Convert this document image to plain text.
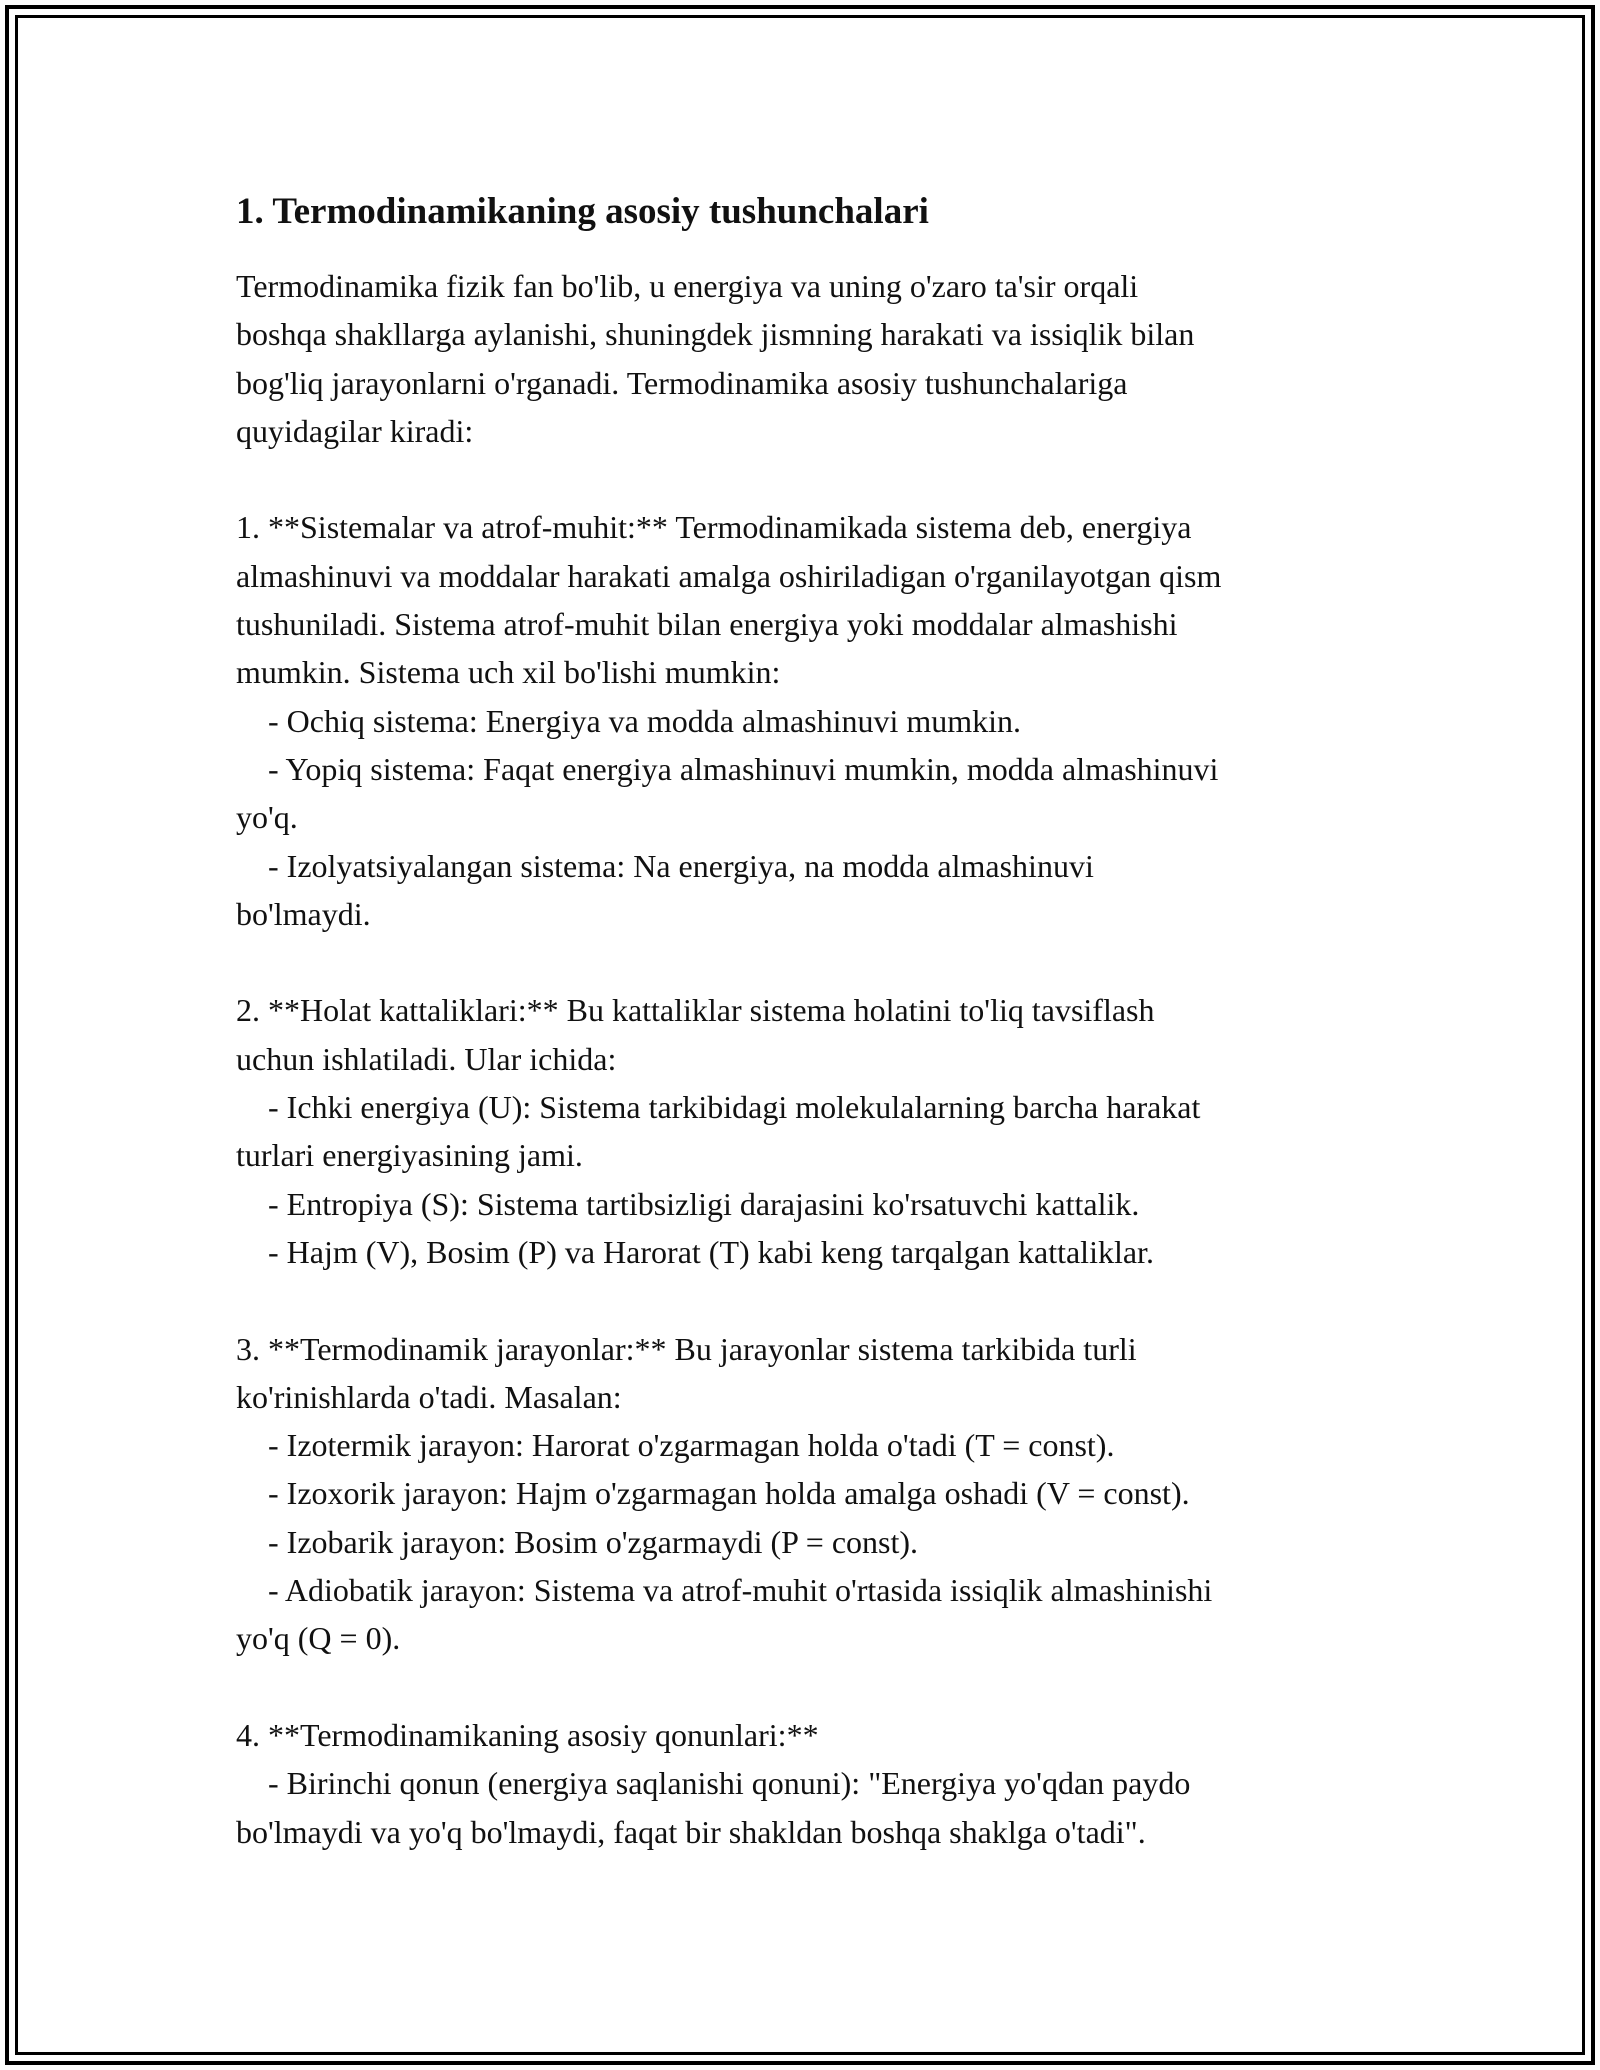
1. Termodinamikaning asosiy tushunchalari

Termodinamika fizik fan bo'lib, u energiya va uning o'zaro ta'sir orqali
boshqa shakllarga aylanishi, shuningdek jismning harakati va issiqlik bilan
bog'liq jarayonlarni o'rganadi. Termodinamika asosiy tushunchalariga
quyidagilar kiradi:

1. **Sistemalar va atrof-muhit:** Termodinamikada sistema deb, energiya
almashinuvi va moddalar harakati amalga oshiriladigan o'rganilayotgan qism
tushuniladi. Sistema atrof-muhit bilan energiya yoki moddalar almashishi
mumkin. Sistema uch xil bo'lishi mumkin:
- Ochiq sistema: Energiya va modda almashinuvi mumkin.
- Yopiq sistema: Faqat energiya almashinuvi mumkin, modda almashinuvi
yo'q.
- Izolyatsiyalangan sistema: Na energiya, na modda almashinuvi
bo'lmaydi.

2. **Holat kattaliklari:** Bu kattaliklar sistema holatini to'liq tavsiflash
uchun ishlatiladi. Ular ichida:
- Ichki energiya (U): Sistema tarkibidagi molekulalarning barcha harakat
turlari energiyasining jami.
- Entropiya (S): Sistema tartibsizligi darajasini ko'rsatuvchi kattalik.
- Hajm (V), Bosim (P) va Harorat (T) kabi keng tarqalgan kattaliklar.

3. **Termodinamik jarayonlar:** Bu jarayonlar sistema tarkibida turli
ko'rinishlarda o'tadi. Masalan:
- Izotermik jarayon: Harorat o'zgarmagan holda o'tadi (T = const).
- Izoxorik jarayon: Hajm o'zgarmagan holda amalga oshadi (V = const).
- Izobarik jarayon: Bosim o'zgarmaydi (P = const).
- Adiobatik jarayon: Sistema va atrof-muhit o'rtasida issiqlik almashinishi
yo'q (Q = 0).

4. **Termodinamikaning asosiy qonunlari:**
- Birinchi qonun (energiya saqlanishi qonuni): "Energiya yo'qdan paydo
bo'lmaydi va yo'q bo'lmaydi, faqat bir shakldan boshqa shaklga o'tadi".
